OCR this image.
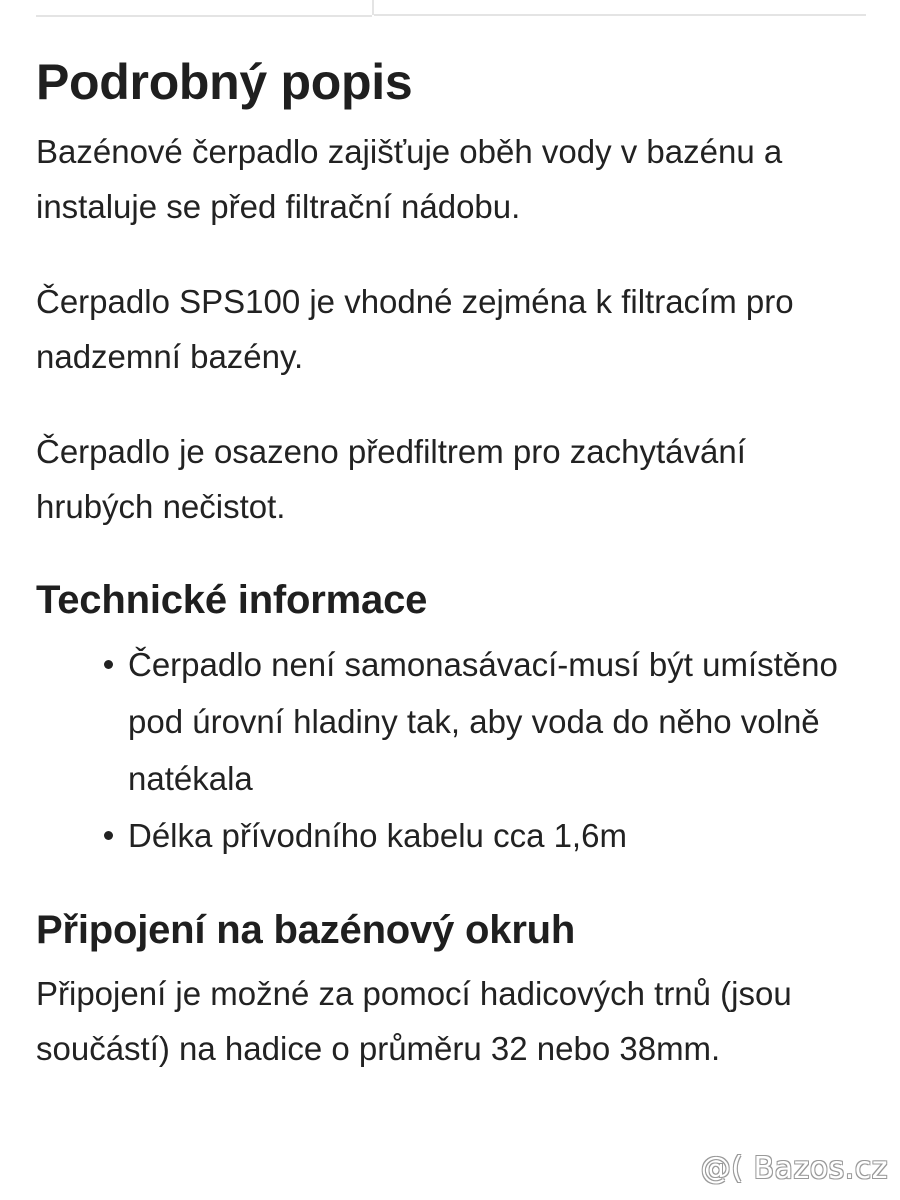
Podrobný popis

Bazénové čerpadlo zajišťuje oběh vody v bazénu a instaluje se před filtrační nádobu.

Čerpadlo SPS100 je vhodné zejména k filtracím pro nadzemní bazény.

Čerpadlo je osazeno předfiltrem pro zachytávání hrubých nečistot.

Technické informace
Čerpadlo není samonasávací-musí být umístěno pod úrovní hladiny tak, aby voda do něho volně natékala
Délka přívodního kabelu cca 1,6m
Připojení na bazénový okruh

Připojení je možné za pomocí hadicových trnů (jsou součástí) na hadice o průměru 32 nebo 38mm.

@( Bazos.cz
